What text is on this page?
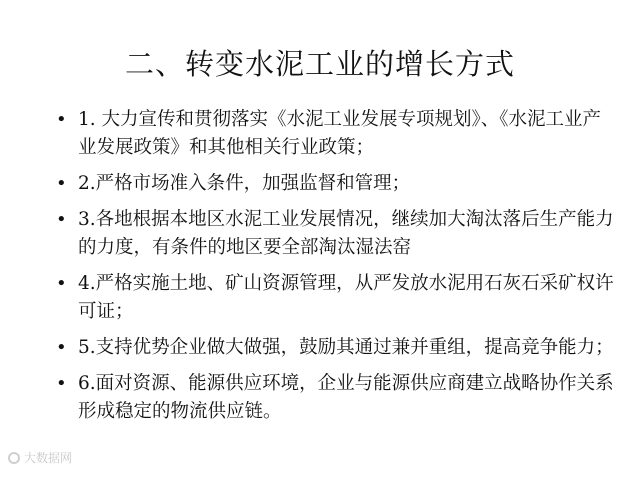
二、转变水泥工业的增长方式
• 1. 大力宣传和贯彻落实《水泥工业发展专项规划》、《水泥工业产业发展政策》和其他相关行业政策；
• 2.严格市场准入条件，加强监督和管理；
• 3.各地根据本地区水泥工业发展情况，继续加大淘汰落后生产能力的力度，有条件的地区要全部淘汰湿法窑
• 4.严格实施土地、矿山资源管理，从严发放水泥用石灰石采矿权许可证；
• 5.支持优势企业做大做强，鼓励其通过兼并重组，提高竞争能力；
• 6.面对资源、能源供应环境，企业与能源供应商建立战略协作关系形成稳定的物流供应链。
大数据网
